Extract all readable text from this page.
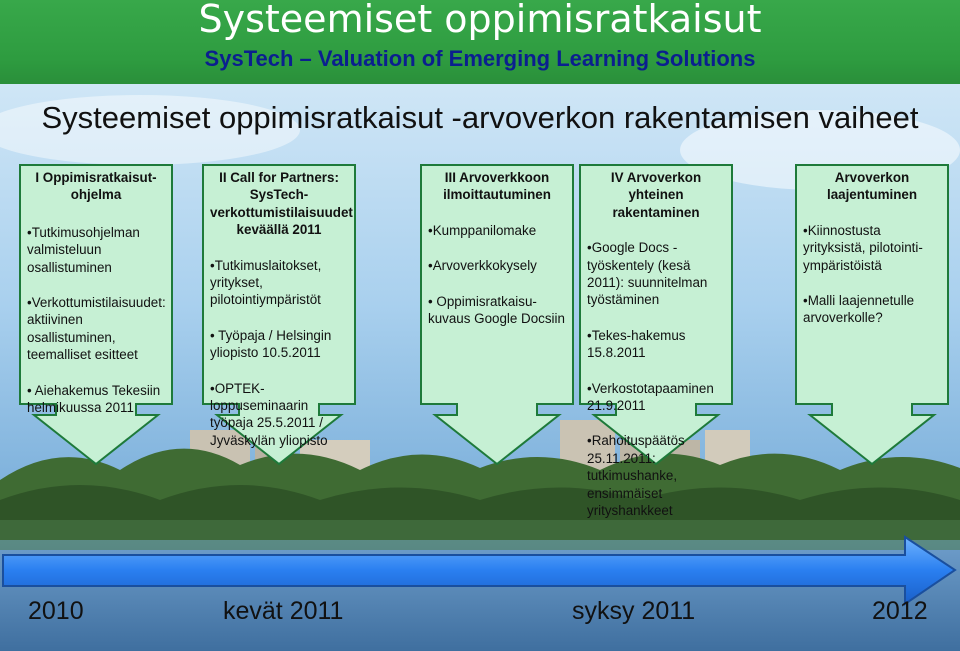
Systeemiset oppimisratkaisut
SysTech – Valuation of Emerging Learning Solutions
Systeemiset oppimisratkaisut -arvoverkon rakentamisen vaiheet
I Oppimisratkaisut-ohjelma
•Tutkimusohjelman valmisteluun osallistuminen
•Verkottumistilaisuudet: aktiivinen osallistuminen, teemalliset esitteet
• Aiehakemus Tekesiin helmikuussa 2011
II Call for Partners: SysTech-verkottumistilaisuudet keväällä 2011
•Tutkimuslaitokset, yritykset, pilotointiympäristöt
• Työpaja / Helsingin yliopisto 10.5.2011
•OPTEK-loppuseminaarin työpaja 25.5.2011 / Jyväskylän yliopisto
III Arvoverkkoon ilmoittautuminen
•Kumppanilomake
•Arvoverkkokysely
• Oppimisratkaisu-kuvaus Google Docsiin
IV Arvoverkon yhteinen rakentaminen
•Google Docs -työskentely (kesä 2011): suunnitelman työstäminen
•Tekes-hakemus 15.8.2011
•Verkostotapaaminen 21.9.2011
•Rahoituspäätös 25.11.2011: tutkimushanke, ensimmäiset yrityshankkeet
Arvoverkon laajentuminen
•Kiinnostusta yrityksistä, pilotointi-ympäristöistä
•Malli laajennetulle arvoverkolle?
2010	kevät 2011	syksy 2011	2012
